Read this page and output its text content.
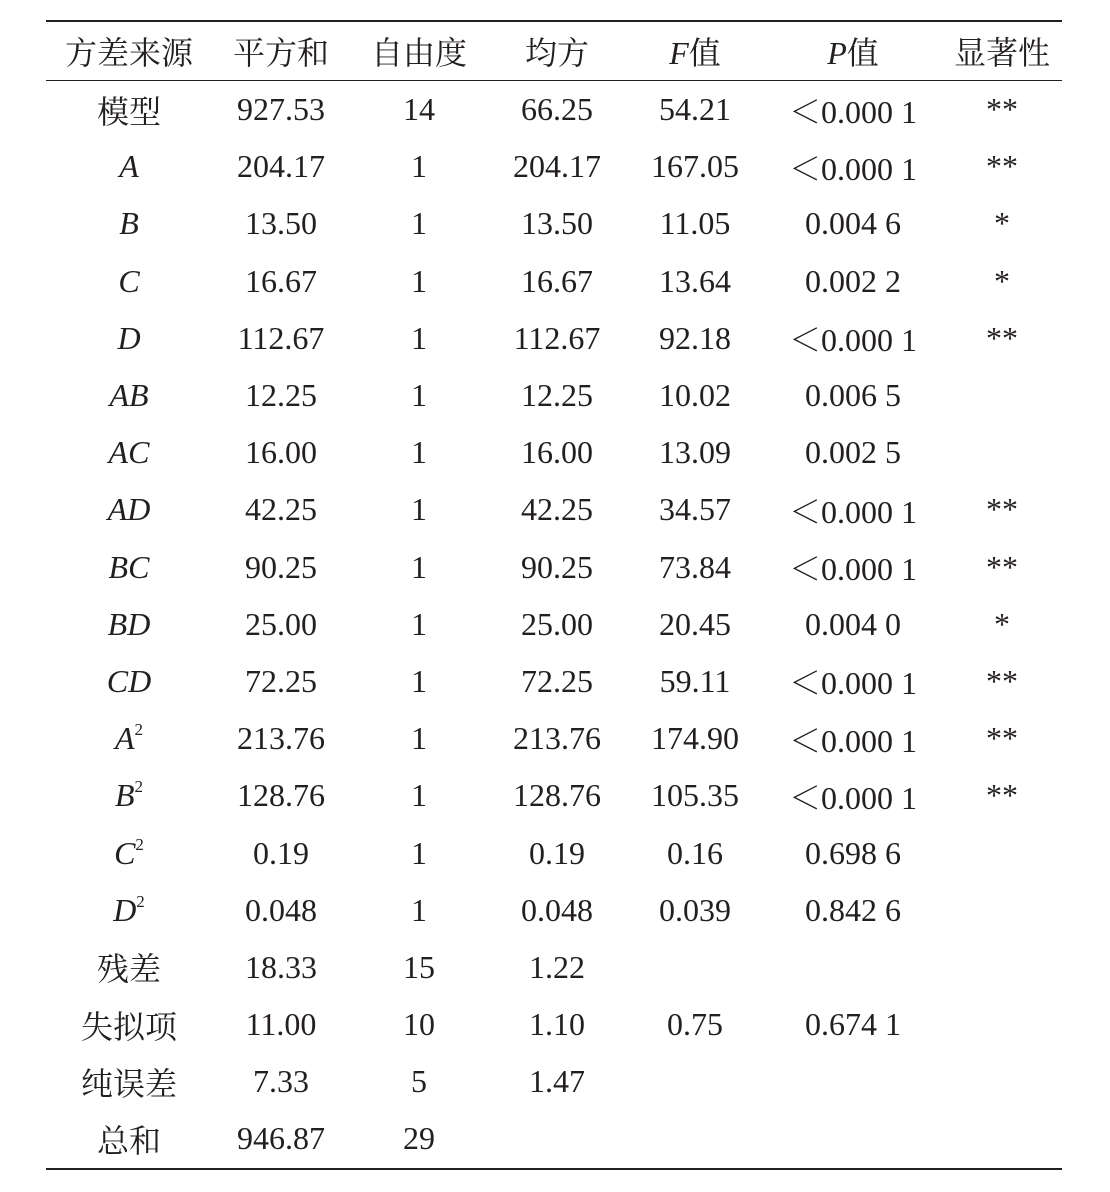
方差来源	平方和	自由度	均方	F值	P值	显著性
模型	927.53	14	66.25	54.21	＜0.000 1	**
A	204.17	1	204.17	167.05	＜0.000 1	**
B	13.50	1	13.50	11.05	0.004 6	*
C	16.67	1	16.67	13.64	0.002 2	*
D	112.67	1	112.67	92.18	＜0.000 1	**
AB	12.25	1	12.25	10.02	0.006 5	
AC	16.00	1	16.00	13.09	0.002 5	
AD	42.25	1	42.25	34.57	＜0.000 1	**
BC	90.25	1	90.25	73.84	＜0.000 1	**
BD	25.00	1	25.00	20.45	0.004 0	*
CD	72.25	1	72.25	59.11	＜0.000 1	**
$A^2$	213.76	1	213.76	174.90	＜0.000 1	**
$B^2$	128.76	1	128.76	105.35	＜0.000 1	**
$C^2$	0.19	1	0.19	0.16	0.698 6	
$D^2$	0.048	1	0.048	0.039	0.842 6	
残差	18.33	15	1.22			
失拟项	11.00	10	1.10	0.75	0.674 1	
纯误差	7.33	5	1.47			
总和	946.87	29				
